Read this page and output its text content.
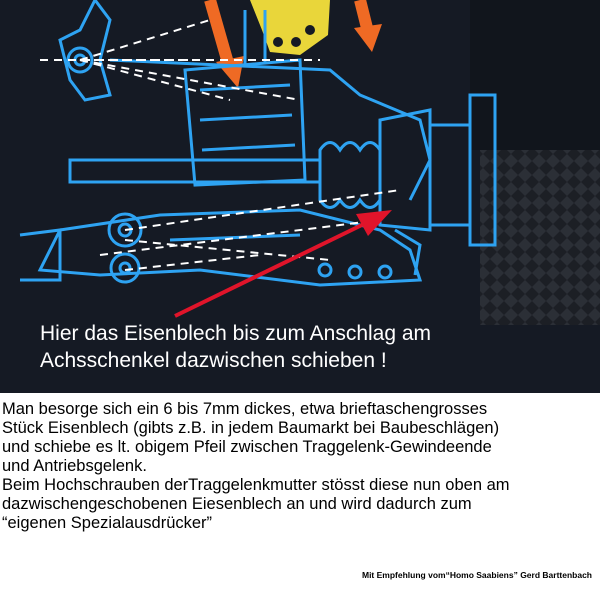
Hier das Eisenblech bis zum Anschlag am
Achsschenkel dazwischen schieben !

Man besorge sich ein 6 bis 7mm dickes, etwa brieftaschengrosses

Stück Eisenblech (gibts z.B. in jedem Baumarkt bei Baubeschlägen)

und schiebe es lt. obigem Pfeil zwischen Traggelenk-Gewindeende

und Antriebsgelenk.

Beim Hochschrauben derTraggelenkmutter stösst diese nun oben am

dazwischengeschobenen Eiesenblech an und wird dadurch zum

“eigenen Spezialausdrücker”

Mit Empfehlung vom“Homo Saabiens” Gerd Barttenbach
